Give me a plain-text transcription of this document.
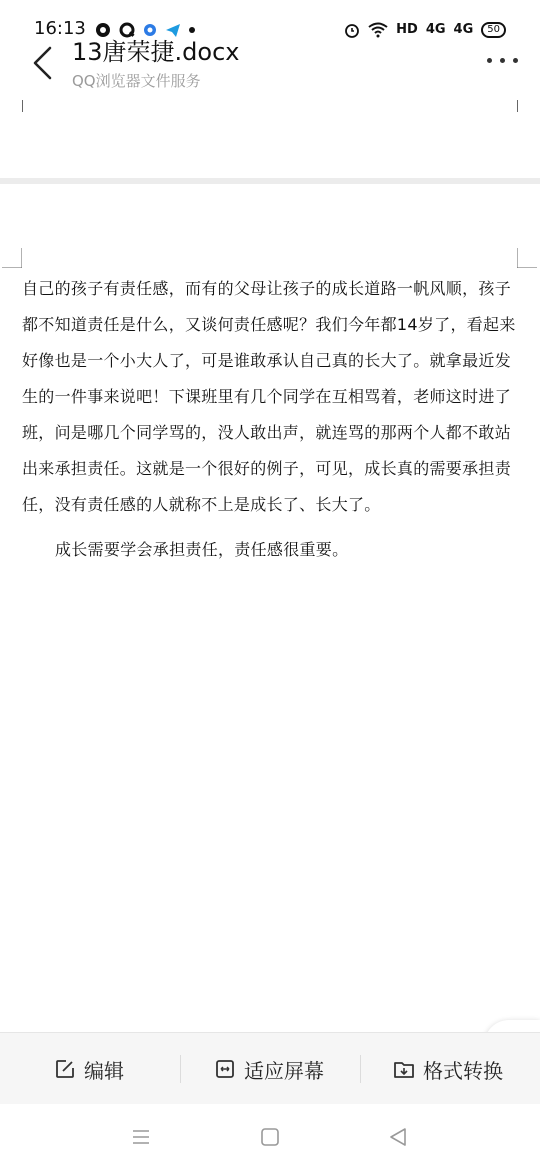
16:13	HD 4G 4G	50
13唐荣捷.docx
QQ浏览器文件服务
自己的孩子有责任感，而有的父母让孩子的成长道路一帆风顺，孩子都不知道责任是什么，又谈何责任感呢？我们今年都14岁了，看起来好像也是一个小大人了，可是谁敢承认自己真的长大了。就拿最近发生的一件事来说吧！下课班里有几个同学在互相骂着，老师这时进了班，问是哪几个同学骂的，没人敢出声，就连骂的那两个人都不敢站出来承担责任。这就是一个很好的例子，可见，成长真的需要承担责任，没有责任感的人就称不上是成长了、长大了。
成长需要学会承担责任，责任感很重要。
编辑	适应屏幕	格式转换
